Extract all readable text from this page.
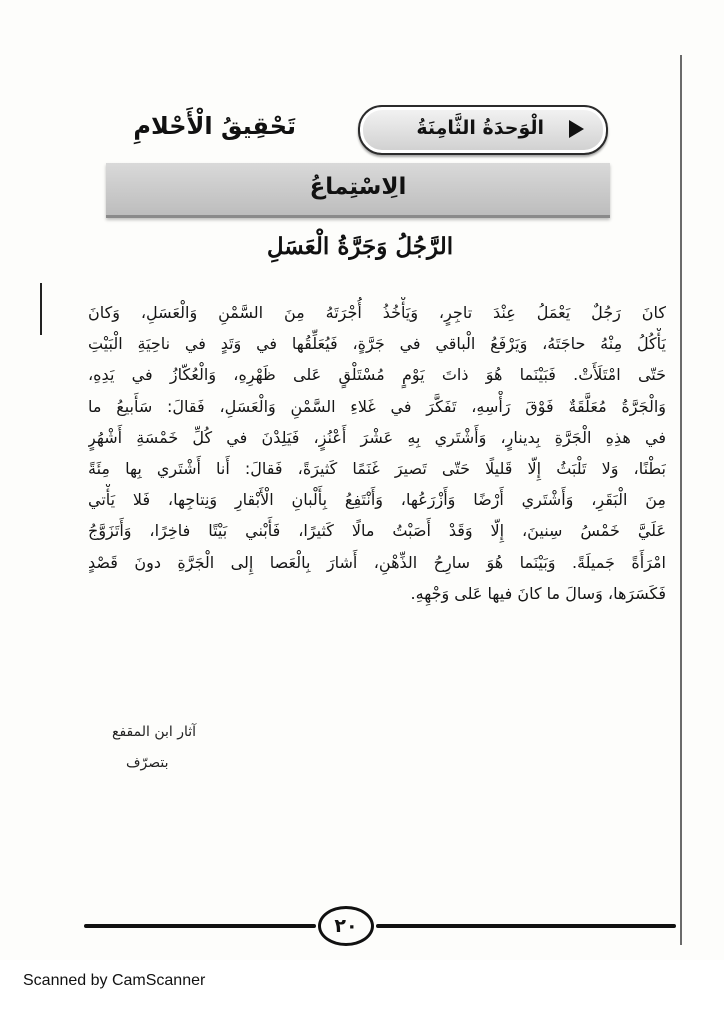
الْوَحدَةُ الثَّامِنَةُ
تَحْقِيقُ الْأَحْلامِ
الِاسْتِماعُ
الرَّجُلُ وَجَرَّةُ الْعَسَلِ
كانَ رَجُلٌ يَعْمَلُ عِنْدَ تاجِرٍ، وَيَأْخُذُ أُجْرَتَهُ مِنَ السَّمْنِ وَالْعَسَلِ، وَكانَ
يَأْكُلُ مِنْهُ حاجَتَهُ، وَيَرْفَعُ الْباقي في جَرَّةٍ، فَيُعَلِّقُها في وَتَدٍ في ناحِيَةِ الْبَيْتِ
حَتّى امْتَلَأَتْ. فَبَيْنَما هُوَ ذاتَ يَوْمٍ مُسْتَلْقٍ عَلى ظَهْرِهِ، وَالْعُكّازُ في يَدِهِ،
وَالْجَرَّةُ مُعَلَّقَةٌ فَوْقَ رَأْسِهِ، تَفَكَّرَ في غَلاءِ السَّمْنِ وَالْعَسَلِ، فَقالَ: سَأَبيعُ ما
في هذِهِ الْجَرَّةِ بِدينارٍ، وَأَشْتَري بِهِ عَشْرَ أَعْنُزٍ، فَيَلِدْنَ في كُلِّ خَمْسَةِ أَشْهُرٍ
بَطْنًا، وَلا تَلْبَثُ إِلّا قَليلًا حَتّى تَصيرَ غَنَمًا كَثيرَةً، فَقالَ: أَنا أَشْتَري بِها مِئَةً
مِنَ الْبَقَرِ، وَأَشْتَري أَرْضًا وَأَزْرَعُها، وَأَنْتَفِعُ بِأَلْبانِ الْأَبْقارِ وَنِتاجِها، فَلا يَأْتي
عَلَيَّ خَمْسُ سِنينَ، إِلّا وَقَدْ أَصَبْتُ مالًا كَثيرًا، فَأَبْني بَيْتًا فاخِرًا، وَأَتَزَوَّجُ
امْرَأَةً جَميلَةً. وَبَيْنَما هُوَ سارِحُ الذِّهْنِ، أَشارَ بِالْعَصا إِلى الْجَرَّةِ دونَ قَصْدٍ
فَكَسَرَها، وَسالَ ما كانَ فيها عَلى وَجْهِهِ.
آثار ابن المقفع
بتصرّف
٢٠
Scanned by CamScanner
